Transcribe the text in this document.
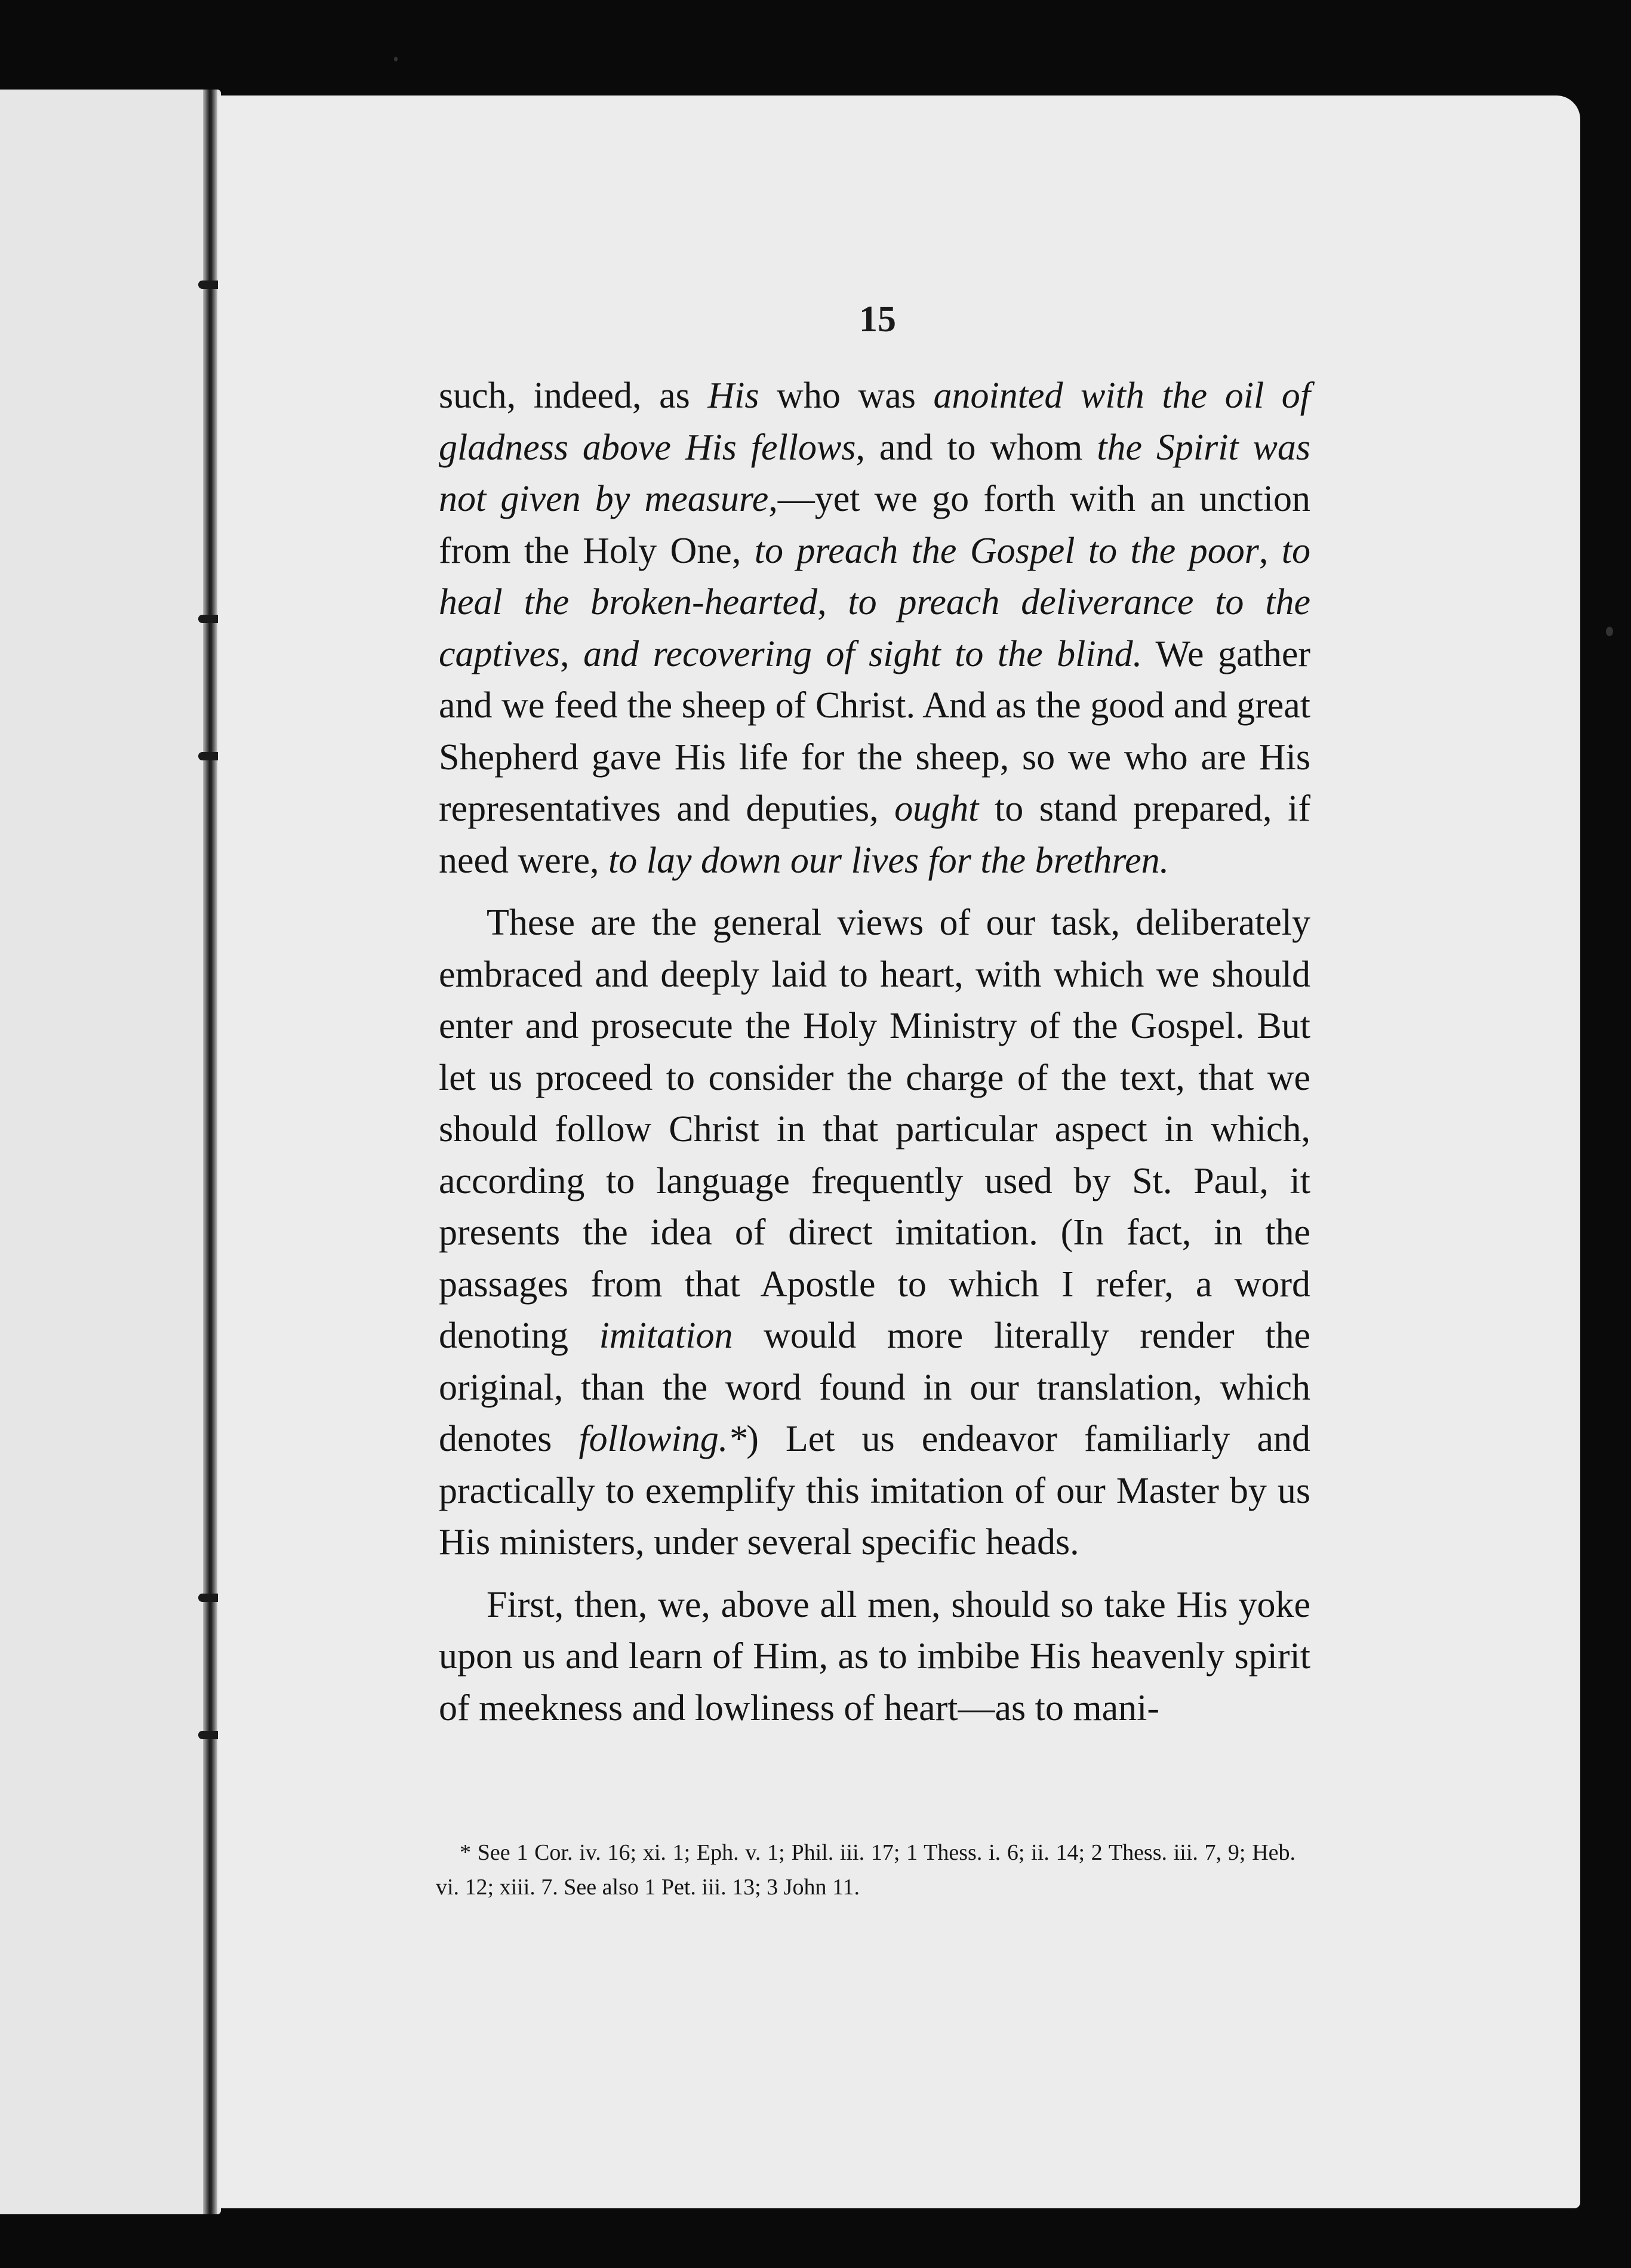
15

such, indeed, as His who was anointed with the oil of gladness above His fellows, and to whom the Spirit was not given by measure,—yet we go forth with an unction from the Holy One, to preach the Gospel to the poor, to heal the broken-hearted, to preach deliverance to the captives, and recovering of sight to the blind. We gather and we feed the sheep of Christ. And as the good and great Shepherd gave His life for the sheep, so we who are His representatives and deputies, ought to stand prepared, if need were, to lay down our lives for the brethren.

These are the general views of our task, deliberately embraced and deeply laid to heart, with which we should enter and prosecute the Holy Ministry of the Gospel. But let us proceed to consider the charge of the text, that we should follow Christ in that particular aspect in which, according to language frequently used by St. Paul, it presents the idea of direct imitation. (In fact, in the passages from that Apostle to which I refer, a word denoting imitation would more literally render the original, than the word found in our translation, which denotes following.*) Let us endeavor familiarly and practically to exemplify this imitation of our Master by us His ministers, under several specific heads.

First, then, we, above all men, should so take His yoke upon us and learn of Him, as to imbibe His heavenly spirit of meekness and lowliness of heart—as to mani-

* See 1 Cor. iv. 16; xi. 1; Eph. v. 1; Phil. iii. 17; 1 Thess. i. 6; ii. 14; 2 Thess. iii. 7, 9; Heb. vi. 12; xiii. 7. See also 1 Pet. iii. 13; 3 John 11.
